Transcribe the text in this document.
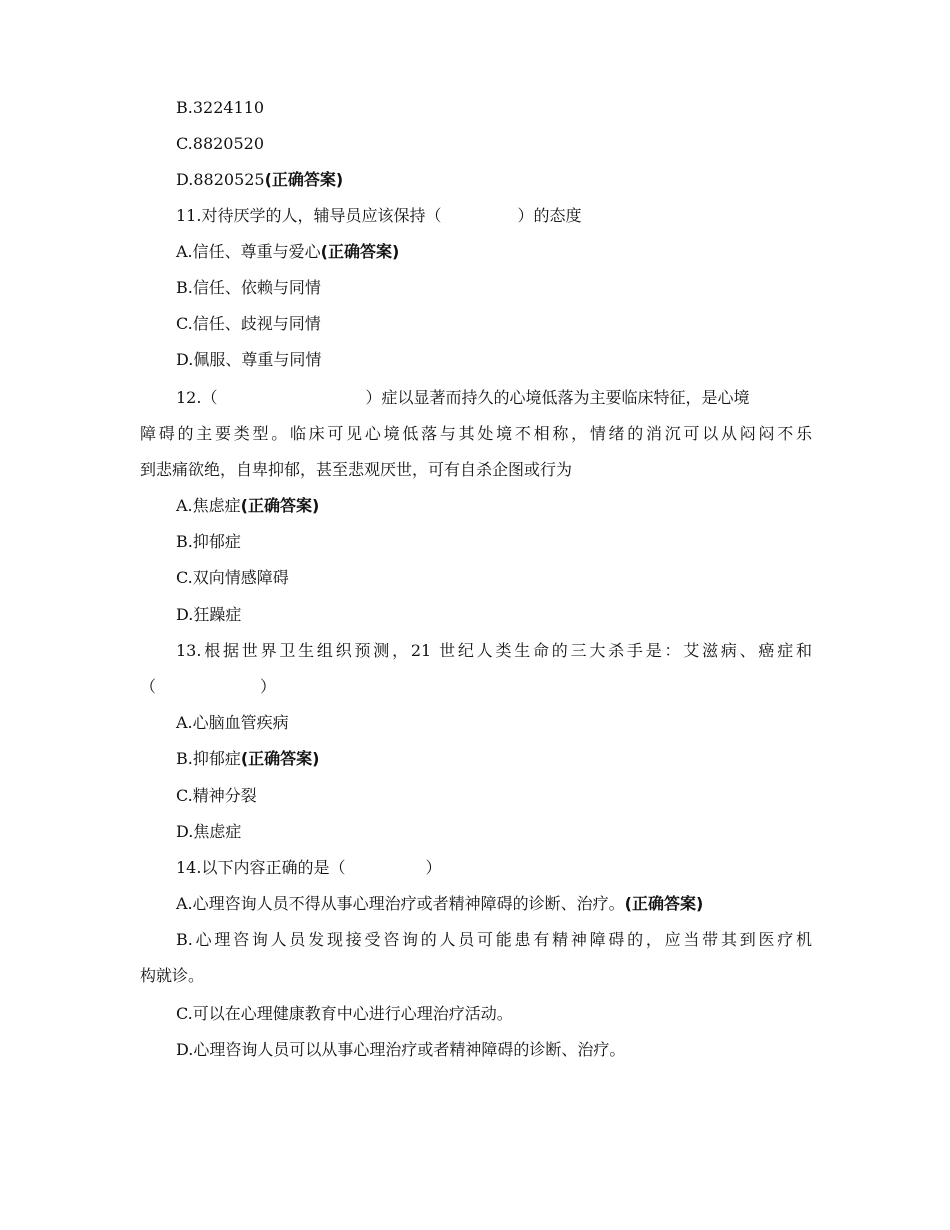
B.3224110
C.8820520
D.8820525(正确答案)
11.对待厌学的人，辅导员应该保持（	）的态度
A.信任、尊重与爱心(正确答案)
B.信任、依赖与同情
C.信任、歧视与同情
D.佩服、尊重与同情
12.（	）症以显著而持久的心境低落为主要临床特征，是心境
障碍的主要类型。临床可见心境低落与其处境不相称，情绪的消沉可以从闷闷不乐
到悲痛欲绝，自卑抑郁，甚至悲观厌世，可有自杀企图或行为
A.焦虑症(正确答案)
B.抑郁症
C.双向情感障碍
D.狂躁症
13.根据世界卫生组织预测，21 世纪人类生命的三大杀手是：艾滋病、癌症和
（	）
A.心脑血管疾病
B.抑郁症(正确答案)
C.精神分裂
D.焦虑症
14.以下内容正确的是（	）
A.心理咨询人员不得从事心理治疗或者精神障碍的诊断、治疗。(正确答案)
B.心理咨询人员发现接受咨询的人员可能患有精神障碍的，应当带其到医疗机
构就诊。
C.可以在心理健康教育中心进行心理治疗活动。
D.心理咨询人员可以从事心理治疗或者精神障碍的诊断、治疗。
